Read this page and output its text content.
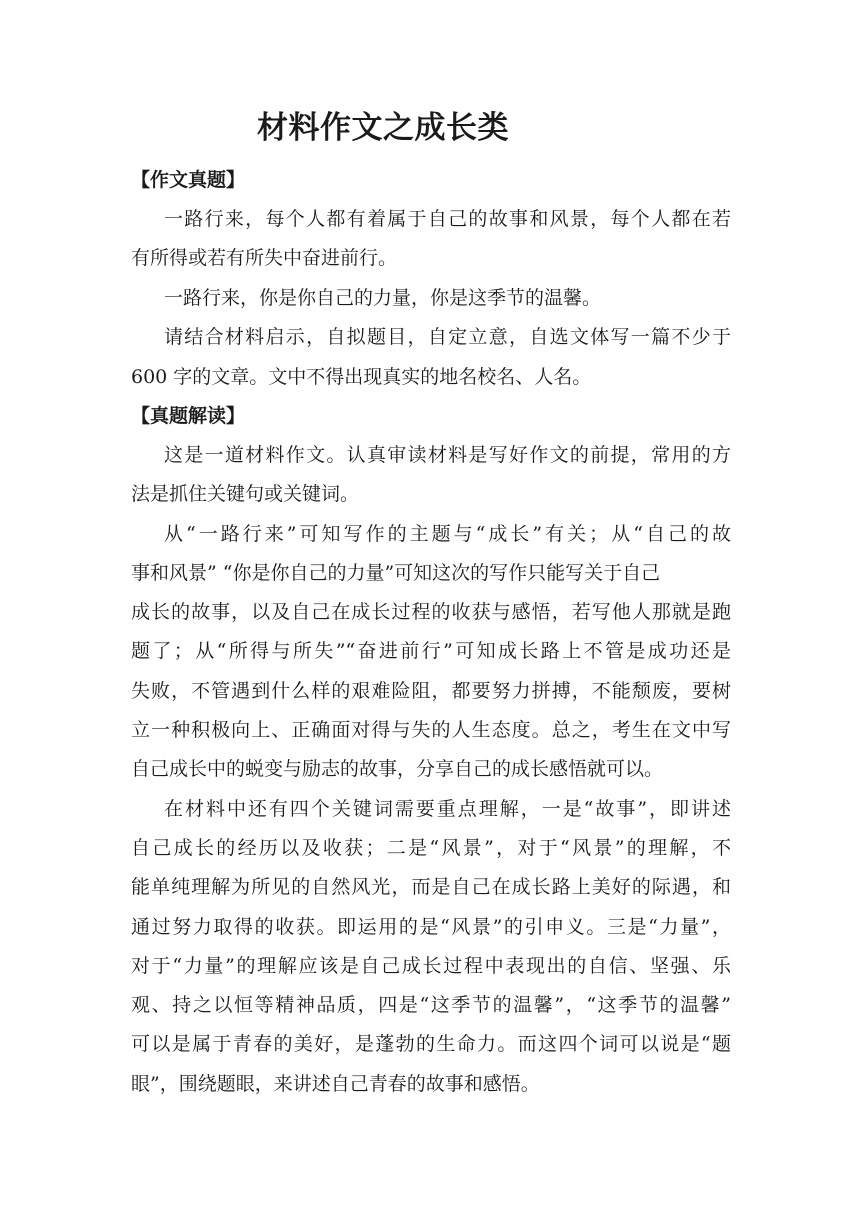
材料作文之成长类

【作文真题】

一路行来，每个人都有着属于自己的故事和风景，每个人都在若

有所得或若有所失中奋进前行。

一路行来，你是你自己的力量，你是这季节的温馨。

请结合材料启示，自拟题目，自定立意，自选文体写一篇不少于

600 字的文章。文中不得出现真实的地名校名、人名。

【真题解读】

这是一道材料作文。认真审读材料是写好作文的前提，常用的方

法是抓住关键句或关键词。

从“一路行来”可知写作的主题与“成长”有关；从“自己的故

事和风景” “你是你自己的力量”可知这次的写作只能写关于自己

成长的故事，以及自己在成长过程的收获与感悟，若写他人那就是跑

题了；从“所得与所失”“奋进前行”可知成长路上不管是成功还是

失败，不管遇到什么样的艰难险阻，都要努力拼搏，不能颓废，要树

立一种积极向上、正确面对得与失的人生态度。总之，考生在文中写

自己成长中的蜕变与励志的故事，分享自己的成长感悟就可以。

在材料中还有四个关键词需要重点理解，一是“故事”，即讲述

自己成长的经历以及收获；二是“风景”，对于“风景”的理解，不

能单纯理解为所见的自然风光，而是自己在成长路上美好的际遇，和

通过努力取得的收获。即运用的是“风景”的引申义。三是“力量”，

对于“力量”的理解应该是自己成长过程中表现出的自信、坚强、乐

观、持之以恒等精神品质，四是“这季节的温馨”，“这季节的温馨”

可以是属于青春的美好，是蓬勃的生命力。而这四个词可以说是“题

眼”，围绕题眼，来讲述自己青春的故事和感悟。
